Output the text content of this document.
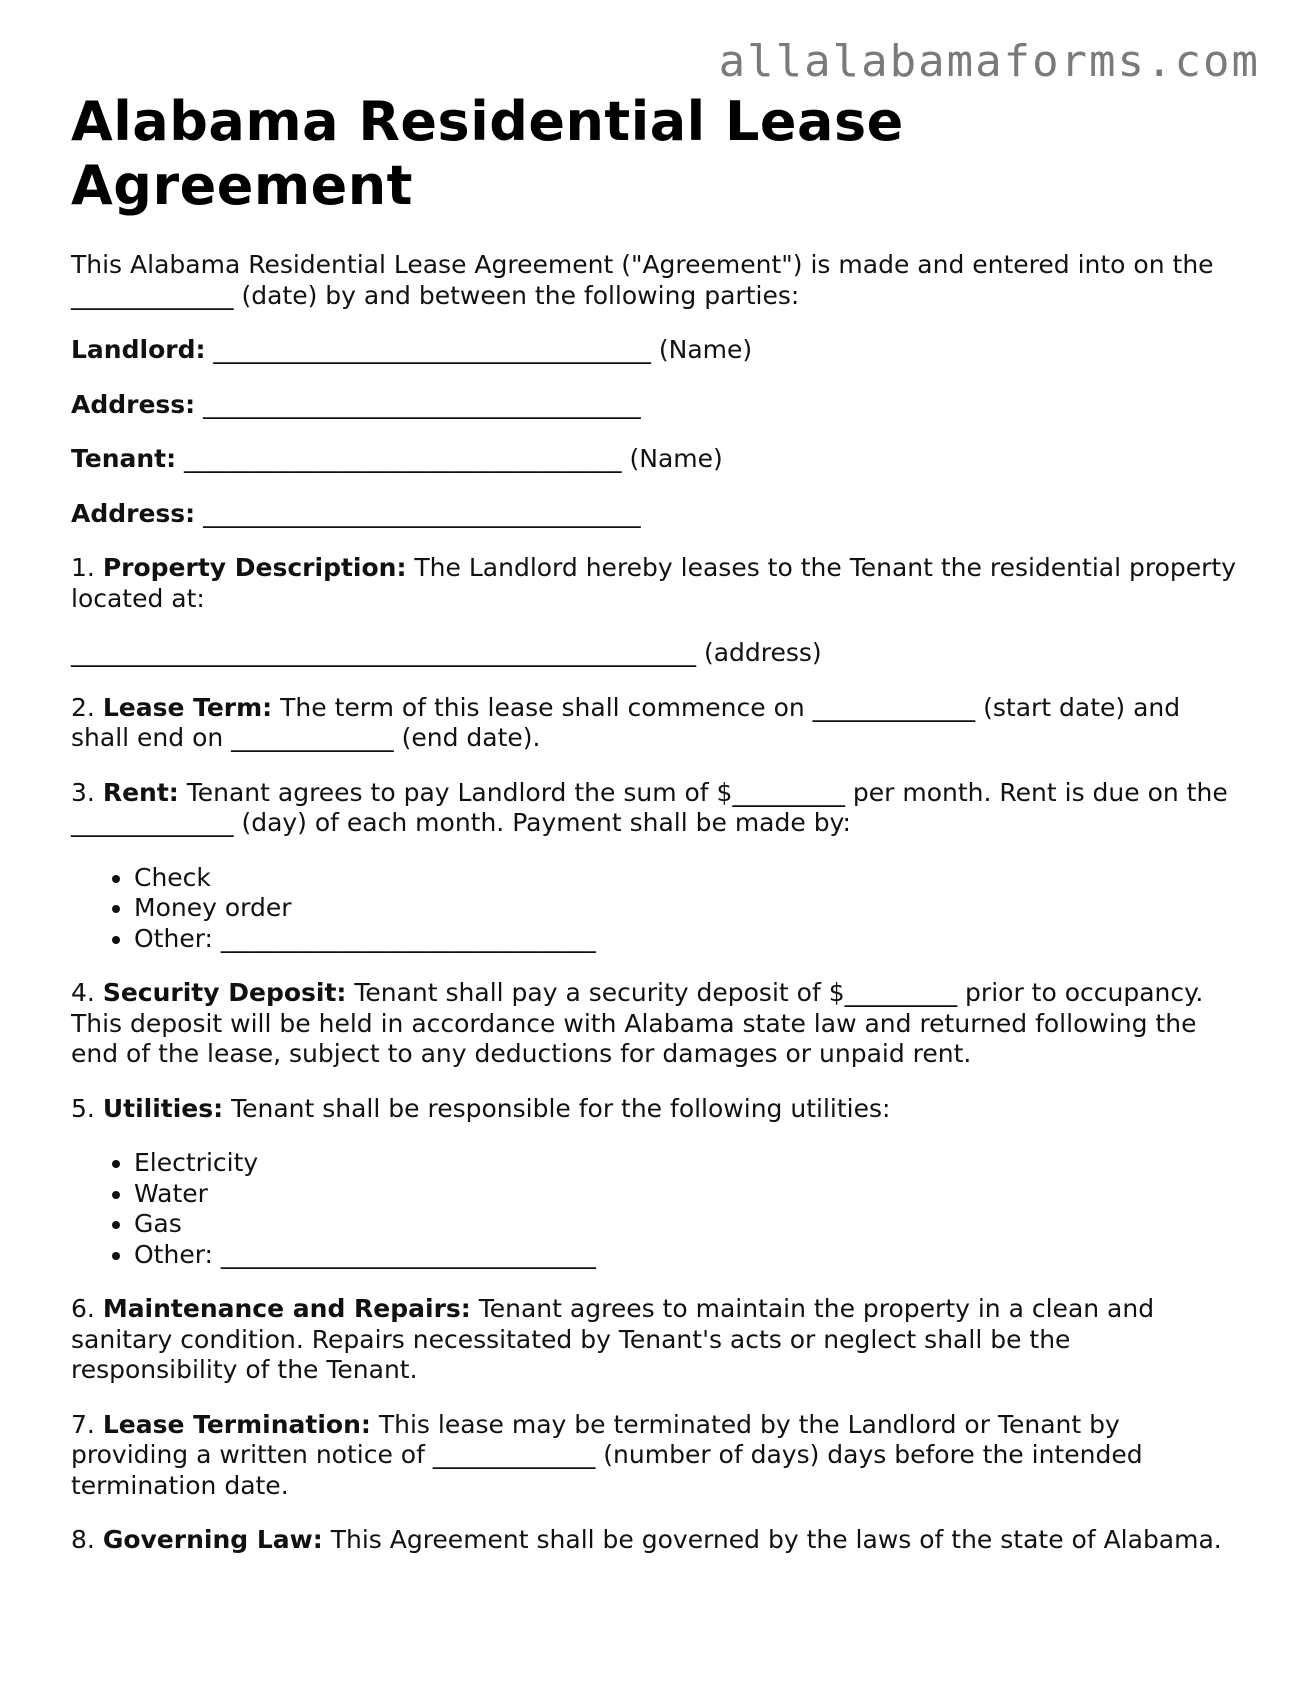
allalabamaforms.com
Alabama Residential Lease Agreement

This Alabama Residential Lease Agreement ("Agreement") is made and entered into on the _____________ (date) by and between the following parties:

Landlord: ___________________________________ (Name)

Address: ___________________________________

Tenant: ___________________________________ (Name)

Address: ___________________________________

1. Property Description: The Landlord hereby leases to the Tenant the residential property located at:

__________________________________________________ (address)

2. Lease Term: The term of this lease shall commence on _____________ (start date) and shall end on _____________ (end date).

3. Rent: Tenant agrees to pay Landlord the sum of $_________ per month. Rent is due on the _____________ (day) of each month. Payment shall be made by:

• Check
• Money order
• Other: ______________________________

4. Security Deposit: Tenant shall pay a security deposit of $_________ prior to occupancy. This deposit will be held in accordance with Alabama state law and returned following the end of the lease, subject to any deductions for damages or unpaid rent.

5. Utilities: Tenant shall be responsible for the following utilities:

• Electricity
• Water
• Gas
• Other: ______________________________

6. Maintenance and Repairs: Tenant agrees to maintain the property in a clean and sanitary condition. Repairs necessitated by Tenant's acts or neglect shall be the responsibility of the Tenant.

7. Lease Termination: This lease may be terminated by the Landlord or Tenant by providing a written notice of _____________ (number of days) days before the intended termination date.

8. Governing Law: This Agreement shall be governed by the laws of the state of Alabama.
